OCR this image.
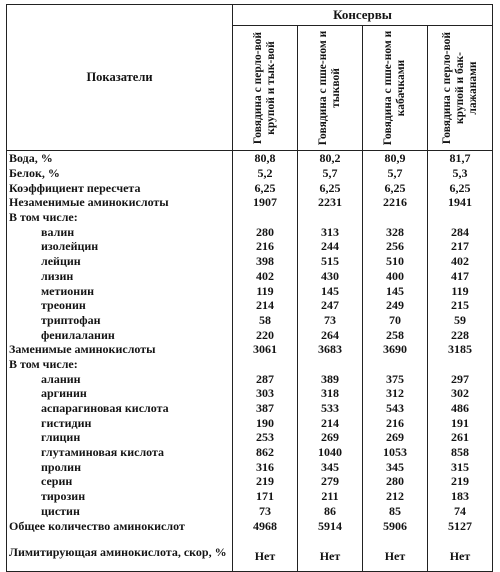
Показатели	Консервы			

Говядина с перло-вой крупой и тык-вой	Говядина с пше-ном и тыквой	Говядина с пше-ном и кабачками	Говядина с перло-вой крупой и бак-лажанами

Вода, %	80,8	80,2	80,9	81,7
Белок, %	5,2	5,7	5,7	5,3
Коэффициент пересчета	6,25	6,25	6,25	6,25
Незаменимые аминокислоты	1907	2231	2216	1941
В том числе:				
валин	280	313	328	284
изолейцин	216	244	256	217
лейцин	398	515	510	402
лизин	402	430	400	417
метионин	119	145	145	119
треонин	214	247	249	215
триптофан	58	73	70	59
фенилаланин	220	264	258	228
Заменимые аминокислоты	3061	3683	3690	3185
В том числе:				
аланин	287	389	375	297
аргинин	303	318	312	302
аспарагиновая кислота	387	533	543	486
гистидин	190	214	216	191
глицин	253	269	269	261
глутаминовая кислота	862	1040	1053	858
пролин	316	345	345	315
серин	219	279	280	219
тирозин	171	211	212	183
цистин	73	86	85	74
Общее количество аминокислот	4968	5914	5906	5127
Лимитирующая аминокислота, скор, %	Нет	Нет	Нет	Нет
